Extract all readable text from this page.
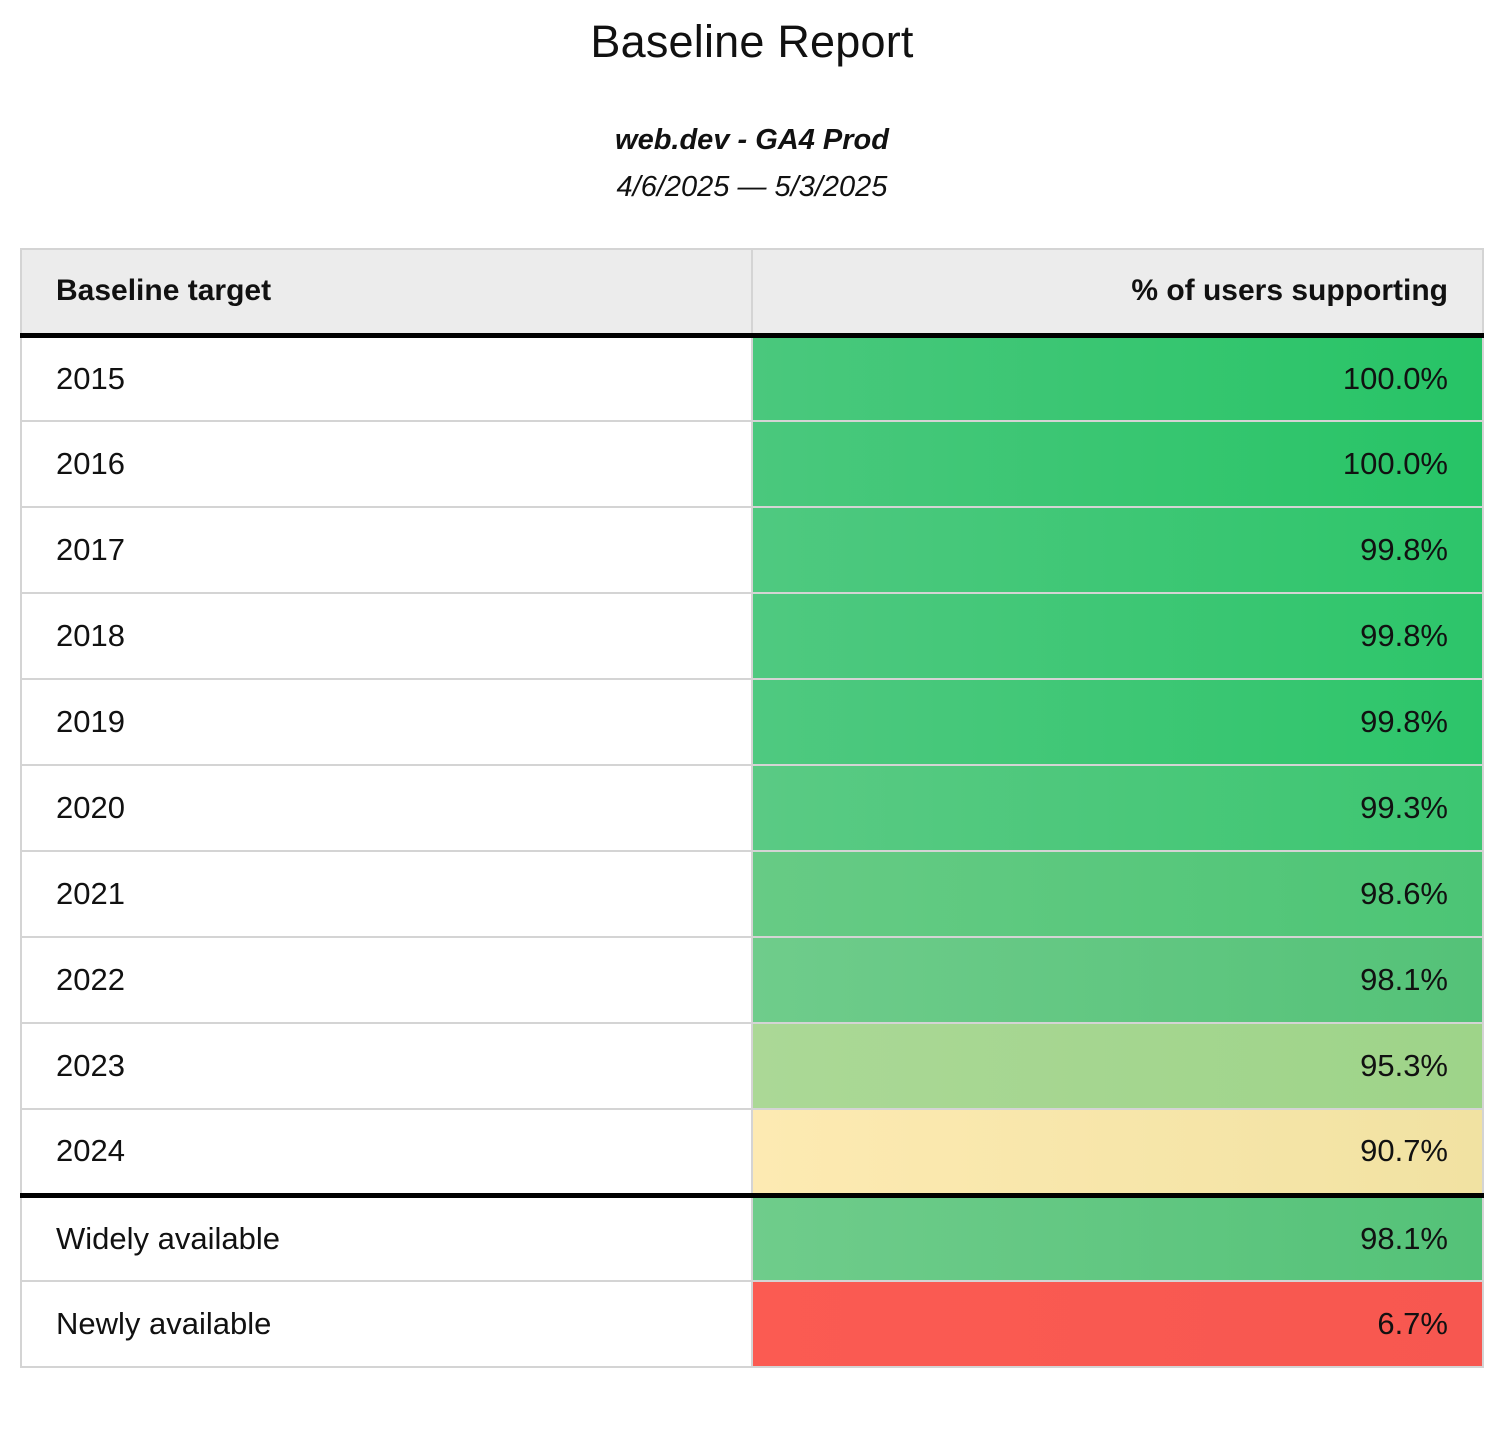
Baseline Report

web.dev - GA4 Prod

4/6/2025 — 5/3/2025

Baseline target	% of users supporting
2015	100.0%
2016	100.0%
2017	99.8%
2018	99.8%
2019	99.8%
2020	99.3%
2021	98.6%
2022	98.1%
2023	95.3%
2024	90.7%
Widely available	98.1%
Newly available	6.7%
